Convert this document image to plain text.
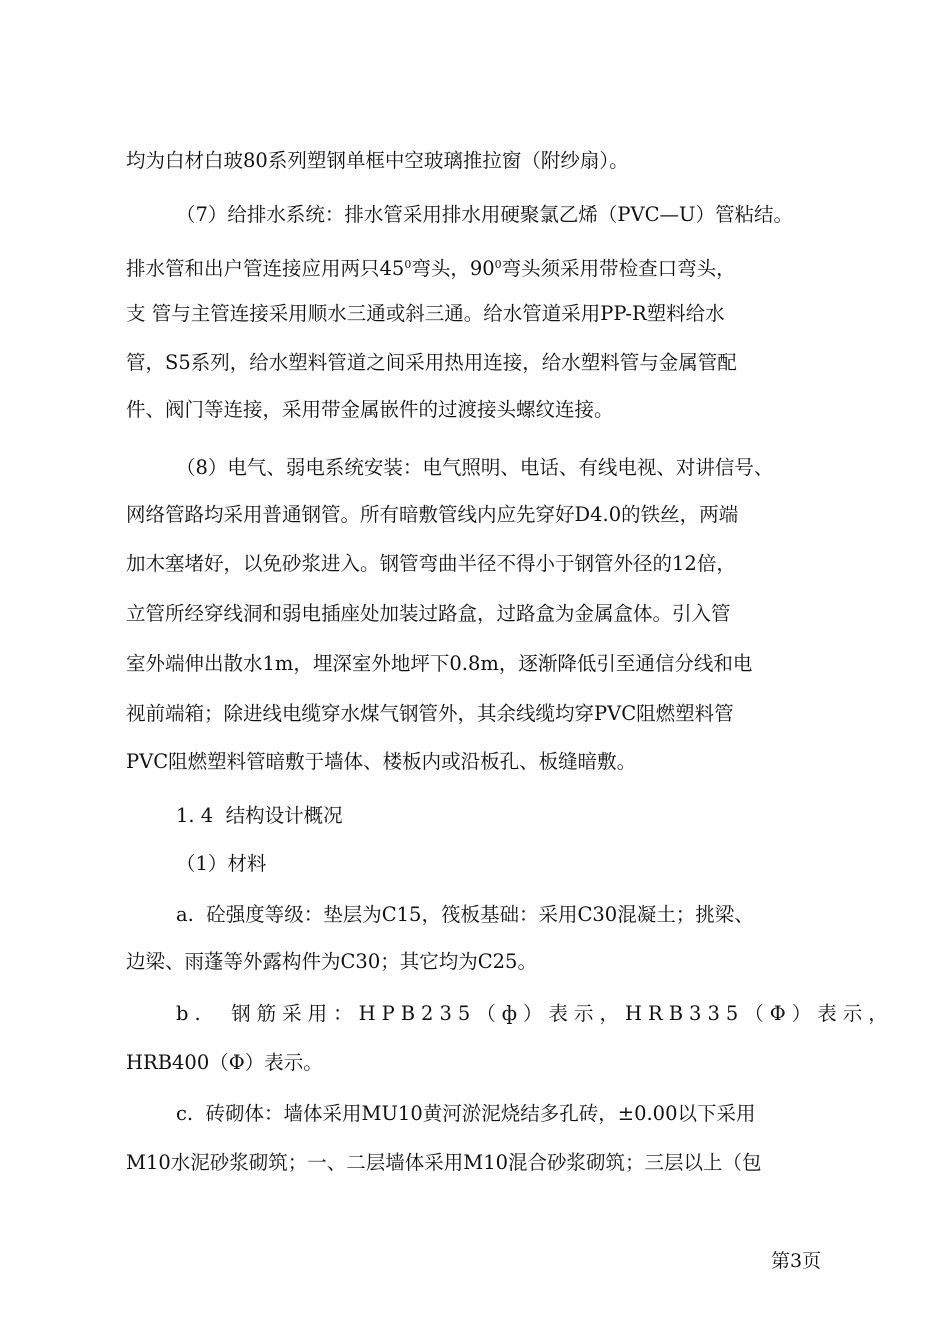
均为白材白玻80系列塑钢单框中空玻璃推拉窗（附纱扇）。
（7）给排水系统：排水管采用排水用硬聚氯乙烯（PVC—U）管粘结。
排水管和出户管连接应用两只$45^0$弯头，$90^0$弯头须采用带检查口弯头，
支 管与主管连接采用顺水三通或斜三通。给水管道采用PP-R塑料给水
管，S5系列，给水塑料管道之间采用热用连接，给水塑料管与金属管配
件、阀门等连接，采用带金属嵌件的过渡接头螺纹连接。
（8）电气、弱电系统安装：电气照明、电话、有线电视、对讲信号、
网络管路均采用普通钢管。所有暗敷管线内应先穿好D4.0的铁丝，两端
加木塞堵好，以免砂浆进入。钢管弯曲半径不得小于钢管外径的12倍，
立管所经穿线洞和弱电插座处加装过路盒，过路盒为金属盒体。引入管
室外端伸出散水1m，埋深室外地坪下0.8m，逐渐降低引至通信分线和电
视前端箱；除进线电缆穿水煤气钢管外，其余线缆均穿PVC阻燃塑料管
PVC阻燃塑料管暗敷于墙体、楼板内或沿板孔、板缝暗敷。
1. 4  结构设计概况
（1）材料
a.  砼强度等级：垫层为C15，筏板基础：采用C30混凝土；挑梁、
边梁、雨蓬等外露构件为C30；其它均为C25。
b.  钢筋采用：HPB235（ф）表示，HRB335（Φ）表示，
HRB400（Φ）表示。
c.  砖砌体：墙体采用MU10黄河淤泥烧结多孔砖，±0.00以下采用
M10水泥砂浆砌筑；一、二层墙体采用M10混合砂浆砌筑；三层以上（包
第3页
